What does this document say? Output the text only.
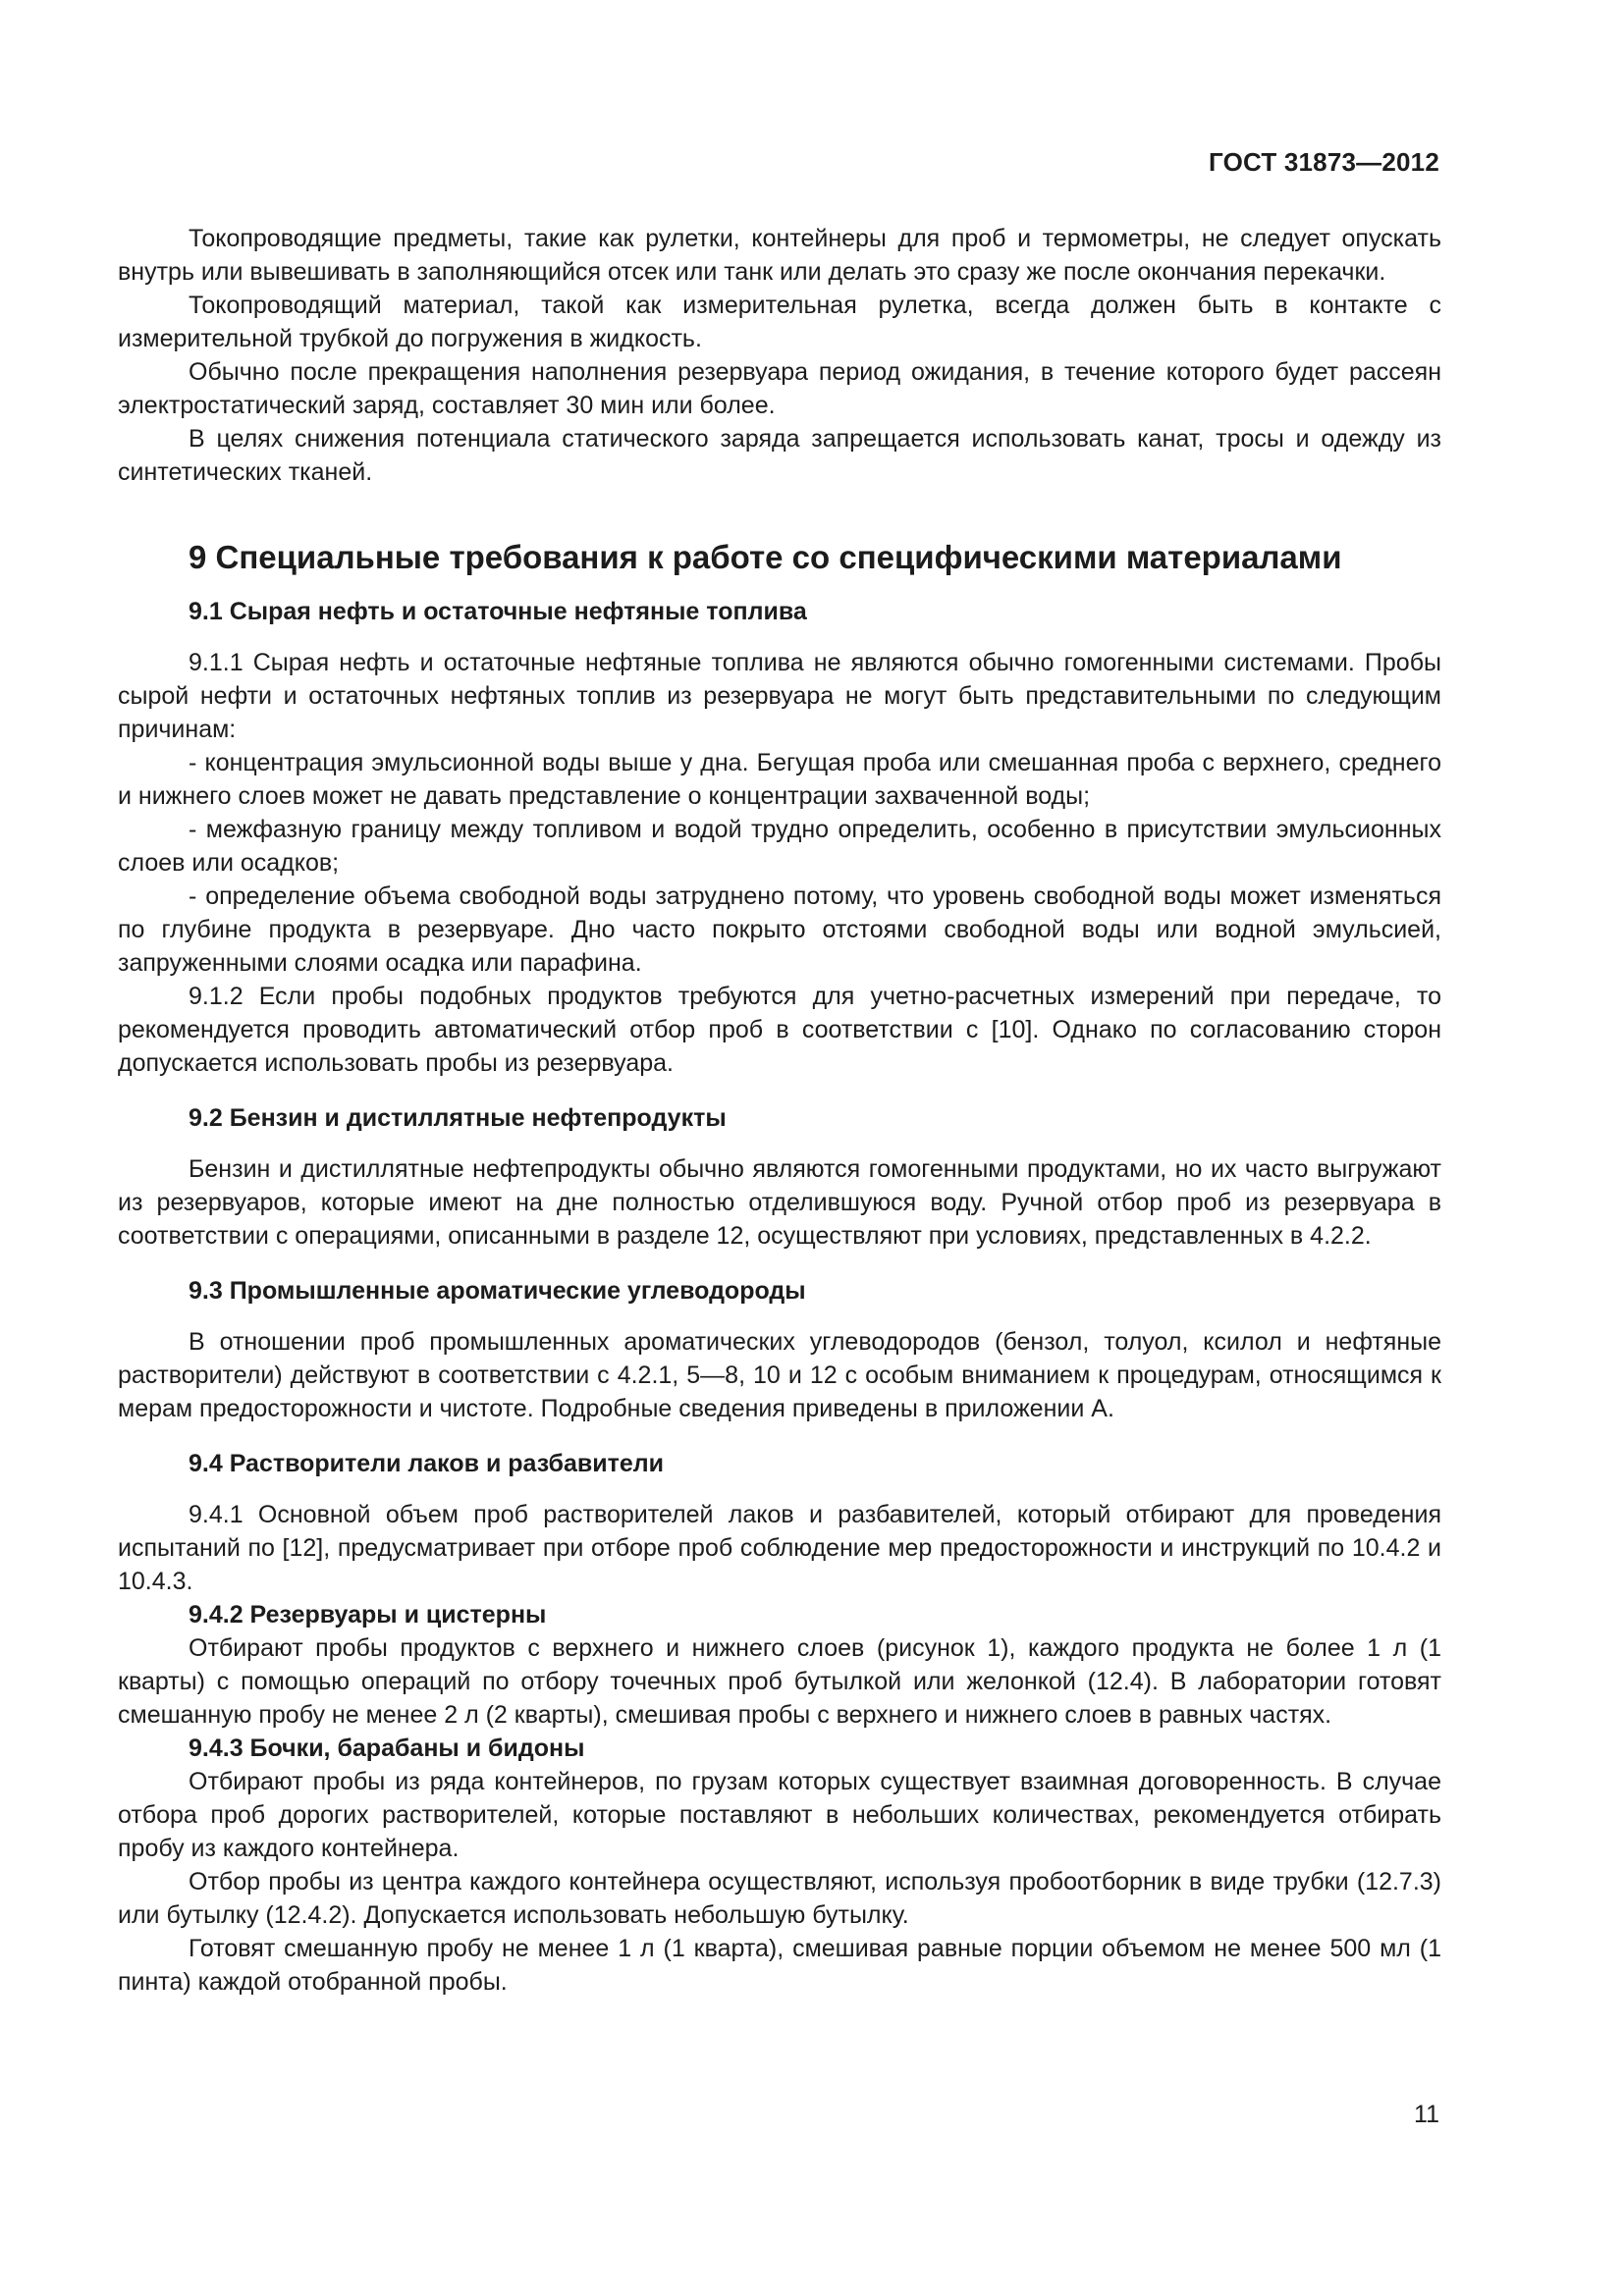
ГОСТ 31873—2012

Токопроводящие предметы, такие как рулетки, контейнеры для проб и термометры, не следует опускать внутрь или вывешивать в заполняющийся отсек или танк или делать это сразу же после окончания перекачки.

Токопроводящий материал, такой как измерительная рулетка, всегда должен быть в контакте с измерительной трубкой до погружения в жидкость.

Обычно после прекращения наполнения резервуара период ожидания, в течение которого будет рассеян электростатический заряд, составляет 30 мин или более.

В целях снижения потенциала статического заряда запрещается использовать канат, тросы и одежду из синтетических тканей.

9 Специальные требования к работе со специфическими материалами
9.1 Сырая нефть и остаточные нефтяные топлива

9.1.1 Сырая нефть и остаточные нефтяные топлива не являются обычно гомогенными системами. Пробы сырой нефти и остаточных нефтяных топлив из резервуара не могут быть представительными по следующим причинам:

- концентрация эмульсионной воды выше у дна. Бегущая проба или смешанная проба с верхнего, среднего и нижнего слоев может не давать представление о концентрации захваченной воды;

- межфазную границу между топливом и водой трудно определить, особенно в присутствии эмульсионных слоев или осадков;

- определение объема свободной воды затруднено потому, что уровень свободной воды может изменяться по глубине продукта в резервуаре. Дно часто покрыто отстоями свободной воды или водной эмульсией, запруженными слоями осадка или парафина.

9.1.2 Если пробы подобных продуктов требуются для учетно-расчетных измерений при передаче, то рекомендуется проводить автоматический отбор проб в соответствии с [10]. Однако по согласованию сторон допускается использовать пробы из резервуара.

9.2 Бензин и дистиллятные нефтепродукты

Бензин и дистиллятные нефтепродукты обычно являются гомогенными продуктами, но их часто выгружают из резервуаров, которые имеют на дне полностью отделившуюся воду. Ручной отбор проб из резервуара в соответствии с операциями, описанными в разделе 12, осуществляют при условиях, представленных в 4.2.2.

9.3 Промышленные ароматические углеводороды

В отношении проб промышленных ароматических углеводородов (бензол, толуол, ксилол и нефтяные растворители) действуют в соответствии с 4.2.1, 5—8, 10 и 12 с особым вниманием к процедурам, относящимся к мерам предосторожности и чистоте. Подробные сведения приведены в приложении А.

9.4 Растворители лаков и разбавители

9.4.1 Основной объем проб растворителей лаков и разбавителей, который отбирают для проведения испытаний по [12], предусматривает при отборе проб соблюдение мер предосторожности и инструкций по 10.4.2 и 10.4.3.

9.4.2 Резервуары и цистерны

Отбирают пробы продуктов с верхнего и нижнего слоев (рисунок 1), каждого продукта не более 1 л (1 кварты) с помощью операций по отбору точечных проб бутылкой или желонкой (12.4). В лаборатории готовят смешанную пробу не менее 2 л (2 кварты), смешивая пробы с верхнего и нижнего слоев в равных частях.

9.4.3 Бочки, барабаны и бидоны

Отбирают пробы из ряда контейнеров, по грузам которых существует взаимная договоренность. В случае отбора проб дорогих растворителей, которые поставляют в небольших количествах, рекомендуется отбирать пробу из каждого контейнера.

Отбор пробы из центра каждого контейнера осуществляют, используя пробоотборник в виде трубки (12.7.3) или бутылку (12.4.2). Допускается использовать небольшую бутылку.

Готовят смешанную пробу не менее 1 л (1 кварта), смешивая равные порции объемом не менее 500 мл (1 пинта) каждой отобранной пробы.

11
